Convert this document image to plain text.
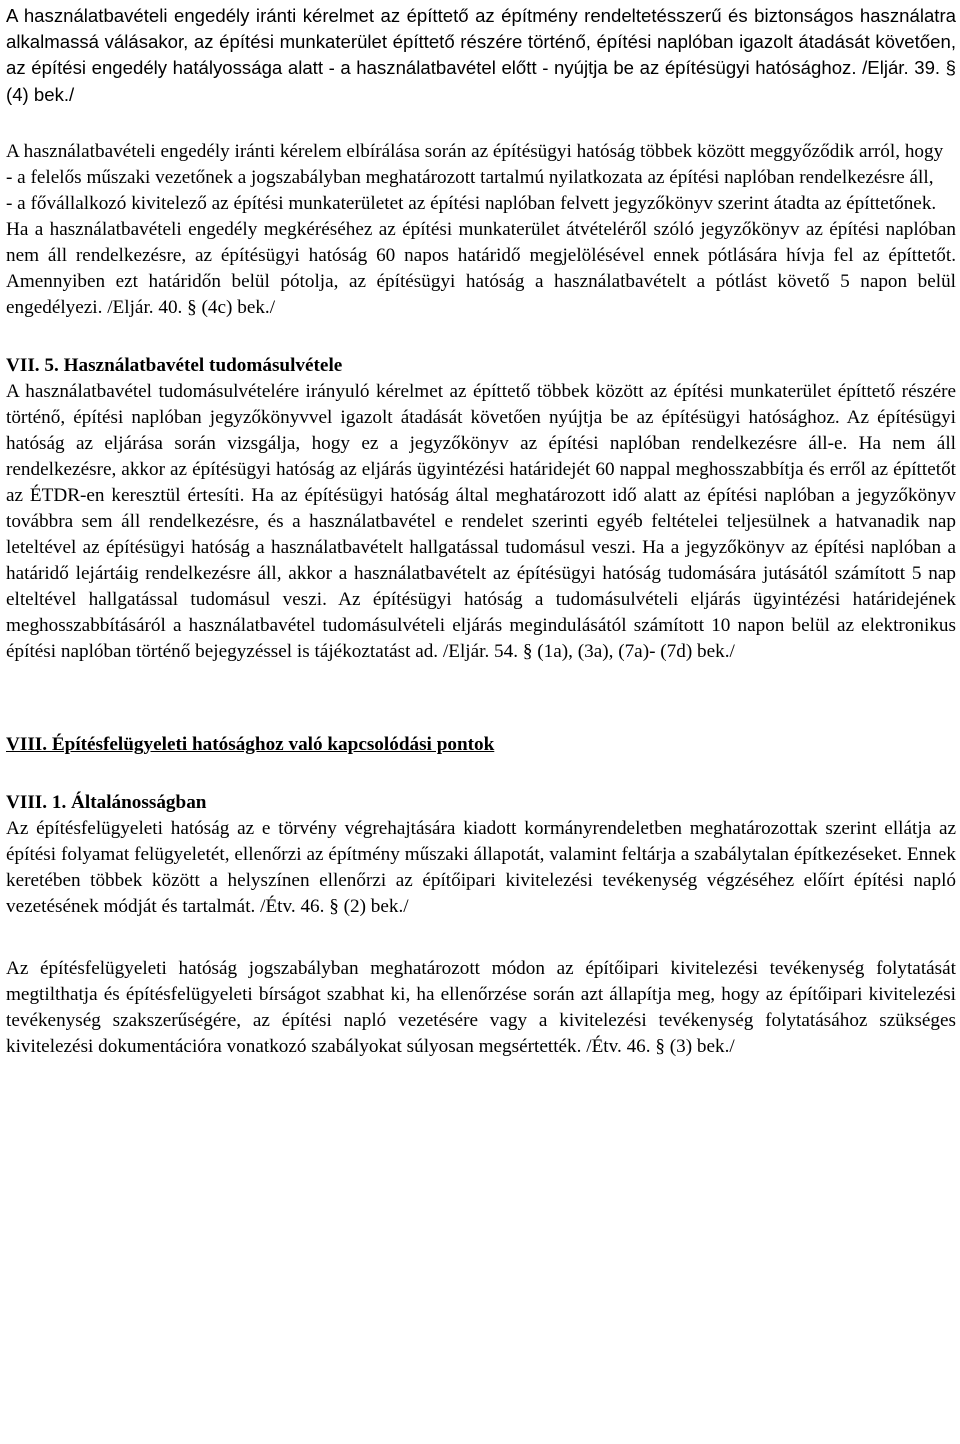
A használatbavételi engedély iránti kérelmet az építtető az építmény rendeltetésszerű és biztonságos használatra alkalmassá válásakor, az építési munkaterület építtető részére történő, építési naplóban igazolt átadását követően, az építési engedély hatályossága alatt - a használatbavétel előtt - nyújtja be az építésügyi hatósághoz. /Eljár. 39. § (4) bek./

A használatbavételi engedély iránti kérelem elbírálása során az építésügyi hatóság többek között meggyőződik arról, hogy

- a felelős műszaki vezetőnek a jogszabályban meghatározott tartalmú nyilatkozata az építési naplóban rendelkezésre áll,

- a fővállalkozó kivitelező az építési munkaterületet az építési naplóban felvett jegyzőkönyv szerint átadta az építtetőnek.

Ha a használatbavételi engedély megkéréséhez az építési munkaterület átvételéről szóló jegyzőkönyv az építési naplóban nem áll rendelkezésre, az építésügyi hatóság 60 napos határidő megjelölésével ennek pótlására hívja fel az építtetőt. Amennyiben ezt határidőn belül pótolja, az építésügyi hatóság a használatbavételt a pótlást követő 5 napon belül engedélyezi. /Eljár. 40. § (4c) bek./

VII. 5. Használatbavétel tudomásulvétele

A használatbavétel tudomásulvételére irányuló kérelmet az építtető többek között az építési munkaterület építtető részére történő, építési naplóban jegyzőkönyvvel igazolt átadását követően nyújtja be az építésügyi hatósághoz. Az építésügyi hatóság az eljárása során vizsgálja, hogy ez a jegyzőkönyv az építési naplóban rendelkezésre áll-e. Ha nem áll rendelkezésre, akkor az építésügyi hatóság az eljárás ügyintézési határidejét 60 nappal meghosszabbítja és erről az építtetőt az ÉTDR-en keresztül értesíti. Ha az építésügyi hatóság által meghatározott idő alatt az építési naplóban a jegyzőkönyv továbbra sem áll rendelkezésre, és a használatbavétel e rendelet szerinti egyéb feltételei teljesülnek a hatvanadik nap leteltével az építésügyi hatóság a használatbavételt hallgatással tudomásul veszi. Ha a jegyzőkönyv az építési naplóban a határidő lejártáig rendelkezésre áll, akkor a használatbavételt az építésügyi hatóság tudomására jutásától számított 5 nap elteltével hallgatással tudomásul veszi. Az építésügyi hatóság a tudomásulvételi eljárás ügyintézési határidejének meghosszabbításáról a használatbavétel tudomásulvételi eljárás megindulásától számított 10 napon belül az elektronikus építési naplóban történő bejegyzéssel is tájékoztatást ad. /Eljár. 54. § (1a), (3a), (7a)- (7d) bek./

VIII. Építésfelügyeleti hatósághoz való kapcsolódási pontok

VIII. 1. Általánosságban

Az építésfelügyeleti hatóság az e törvény végrehajtására kiadott kormányrendeletben meghatározottak szerint ellátja az építési folyamat felügyeletét, ellenőrzi az építmény műszaki állapotát, valamint feltárja a szabálytalan építkezéseket. Ennek keretében többek között a helyszínen ellenőrzi az építőipari kivitelezési tevékenység végzéséhez előírt építési napló vezetésének módját és tartalmát. /Étv. 46. § (2) bek./

Az építésfelügyeleti hatóság jogszabályban meghatározott módon az építőipari kivitelezési tevékenység folytatását megtilthatja és építésfelügyeleti bírságot szabhat ki, ha ellenőrzése során azt állapítja meg, hogy az építőipari kivitelezési tevékenység szakszerűségére, az építési napló vezetésére vagy a kivitelezési tevékenység folytatásához szükséges kivitelezési dokumentációra vonatkozó szabályokat súlyosan megsértették. /Étv. 46. § (3) bek./
